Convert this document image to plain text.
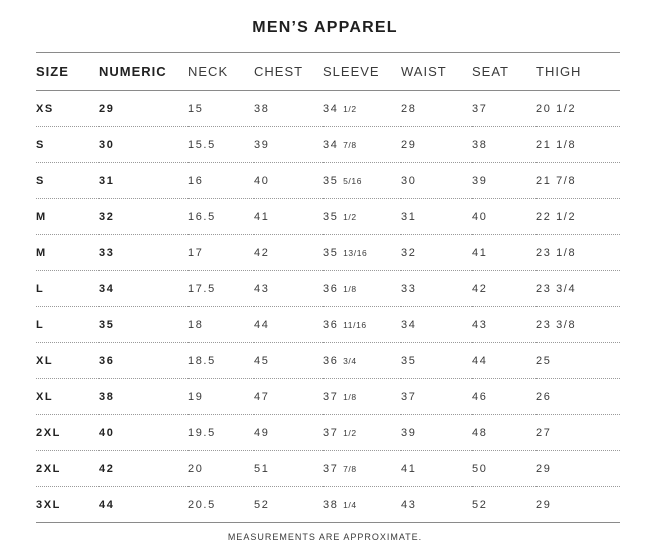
MEN’S APPAREL
SIZE	NUMERIC	NECK	CHEST	SLEEVE	WAIST	SEAT	THIGH
XS	29	15	38	34 1/2	28	37	20 1/2
S	30	15.5	39	34 7/8	29	38	21 1/8
S	31	16	40	35 5/16	30	39	21 7/8
M	32	16.5	41	35 1/2	31	40	22 1/2
M	33	17	42	35 13/16	32	41	23 1/8
L	34	17.5	43	36 1/8	33	42	23 3/4
L	35	18	44	36 11/16	34	43	23 3/8
XL	36	18.5	45	36 3/4	35	44	25
XL	38	19	47	37 1/8	37	46	26
2XL	40	19.5	49	37 1/2	39	48	27
2XL	42	20	51	37 7/8	41	50	29
3XL	44	20.5	52	38 1/4	43	52	29
MEASUREMENTS ARE APPROXIMATE.
